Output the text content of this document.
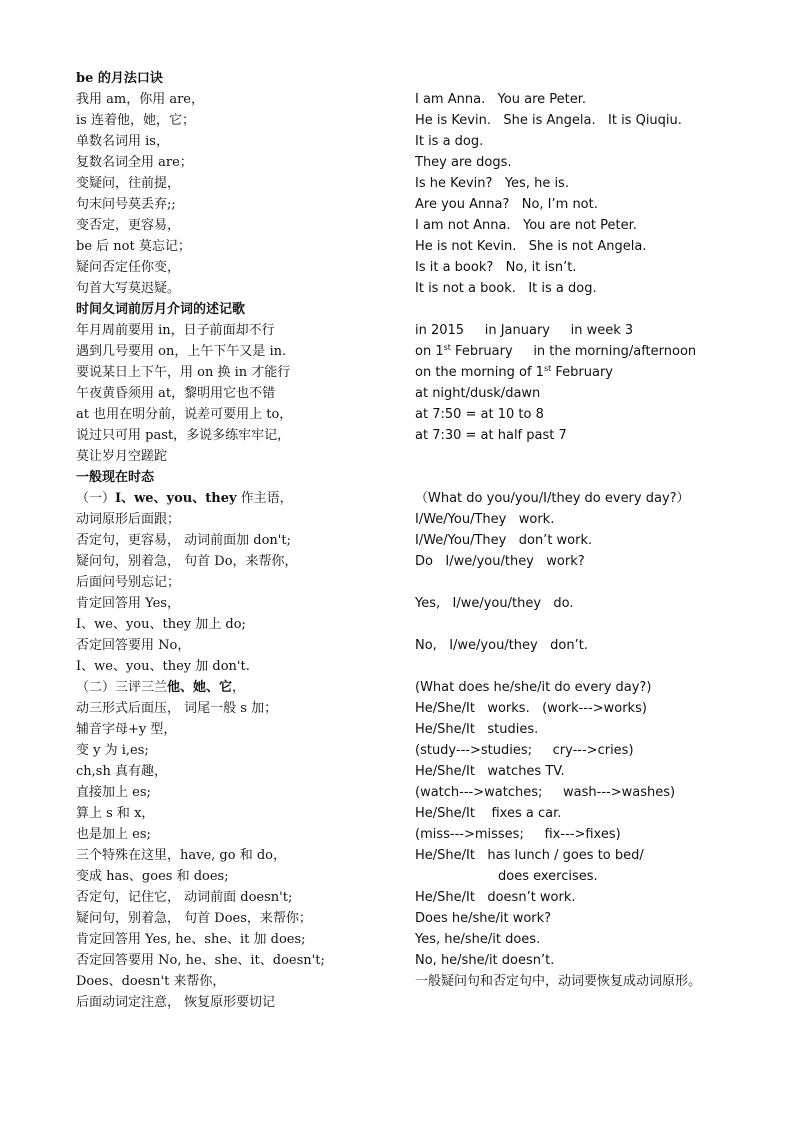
be 的月法口诀
我用 am，你用 are，	I am Anna.   You are Peter.
is 连着他，她，它；	He is Kevin.   She is Angela.   It is Qiuqiu.
单数名词用 is，	It is a dog.
复数名词全用 are；	They are dogs.
变疑问，往前提，	Is he Kevin?   Yes, he is.
句末问号莫丢弃;;	Are you Anna?   No, I’m not.
变否定，更容易，	I am not Anna.   You are not Peter.
be 后 not 莫忘记；	He is not Kevin.   She is not Angela.
疑问否定任你变，	Is it a book?   No, it isn’t.
句首大写莫迟疑。	It is not a book.   It is a dog.
时间夂词前厉月介词的述记歌
年月周前要用 in，日子前面却不行	in 2015     in January     in week 3
遇到几号要用 on，上午下午又是 in.	on 1st February     in the morning/afternoon
要说某日上下午，用 on 换 in 才能行	on the morning of 1st February
午夜黄昏须用 at，黎明用它也不错	at night/dusk/dawn
at 也用在明分前，说差可要用上 to，	at 7:50 = at 10 to 8
说过只可用 past，多说多练牢牢记，	at 7:30 = at half past 7
莫让岁月空蹉跎
一般现在时态
（一）I、we、you、they 作主语，	（What do you/you/I/they do every day?）
动词原形后面跟；	I/We/You/They   work.
否定句，更容易， 动词前面加 don't;	I/We/You/They   don’t work.
疑问句，别着急， 句首 Do，来帮你，	Do   I/we/you/they   work?
后面问号别忘记；
肯定回答用 Yes，	Yes,   I/we/you/they   do.
I、we、you、they 加上 do;
否定回答要用 No，	No,   I/we/you/they   don’t.
I、we、you、they 加 don't.
（二）三评三兰他、她、它，	(What does he/she/it do every day?)
动三形式后面压， 词尾一般 s 加；	He/She/It   works.   (work--->works)
辅音字母+y 型，	He/She/It   studies.
变 y 为 i,es;	(study--->studies;     cry--->cries)
ch,sh 真有趣，	He/She/It   watches TV.
直接加上 es;	(watch--->watches;     wash--->washes)
算上 s 和 x，	He/She/It    fixes a car.
也是加上 es;	(miss--->misses;     fix--->fixes)
三个特殊在这里，have, go 和 do，	He/She/It   has lunch / goes to bed/
变成 has、goes 和 does;	does exercises.
否定句，记住它， 动词前面 doesn't;	He/She/It   doesn’t work.
疑问句，别着急， 句首 Does，来帮你；	Does he/she/it work?
肯定回答用 Yes, he、she、it 加 does;	Yes, he/she/it does.
否定回答要用 No, he、she、it、doesn't;	No, he/she/it doesn’t.
Does、doesn't 来帮你，	一般疑问句和否定句中，动词要恢复成动词原形。
后面动词定注意， 恢复原形要切记
